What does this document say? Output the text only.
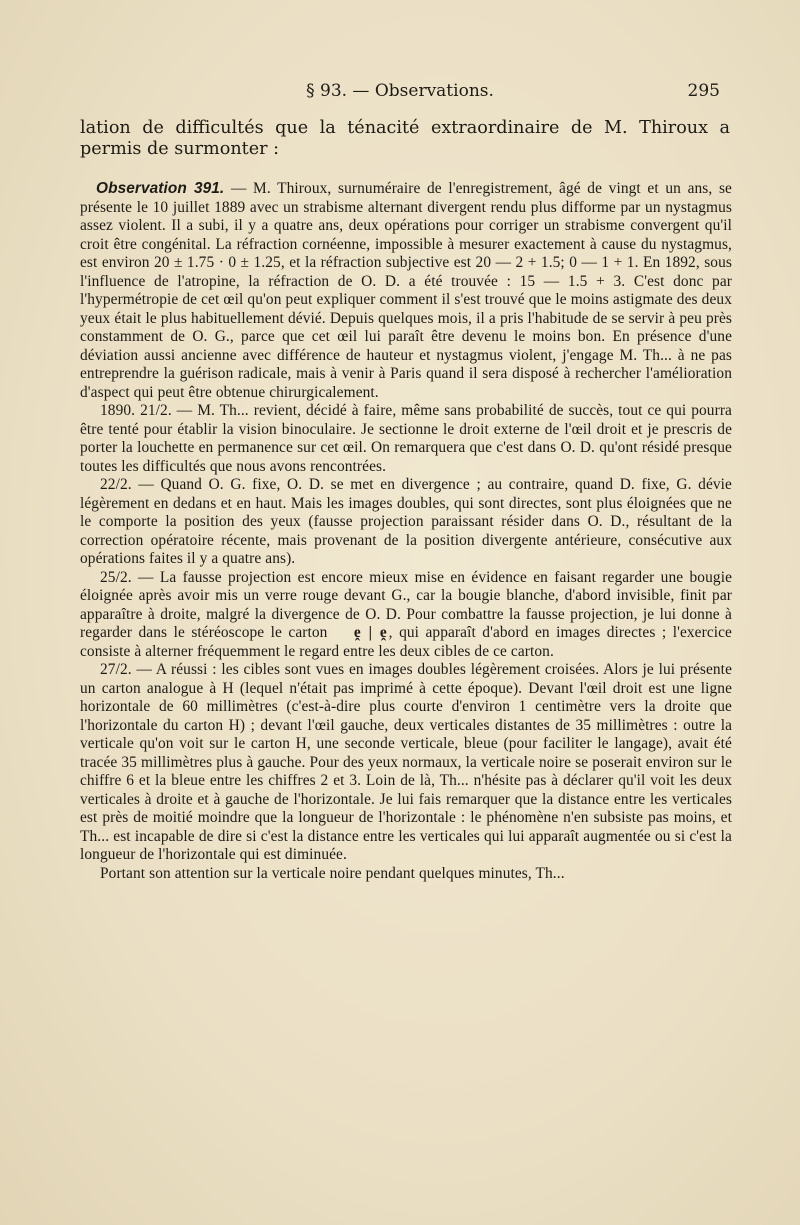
§ 93. — Observations.	295

lation de difficultés que la ténacité extraordinaire de M. Thiroux a permis de surmonter :

Observation 391. — M. Thiroux, surnuméraire de l'enregistrement, âgé de vingt et un ans, se présente le 10 juillet 1889 avec un strabisme alternant divergent rendu plus difforme par un nystagmus assez violent. Il a subi, il y a quatre ans, deux opérations pour corriger un strabisme convergent qu'il croit être congénital. La réfraction cornéenne, impossible à mesurer exactement à cause du nystagmus, est environ 20 ± 1.75 · 0 ± 1.25, et la réfraction subjective est 20 — 2 + 1.5; 0 — 1 + 1. En 1892, sous l'influence de l'atropine, la réfraction de O. D. a été trouvée : 15 — 1.5 + 3. C'est donc par l'hypermétropie de cet œil qu'on peut expliquer comment il s'est trouvé que le moins astigmate des deux yeux était le plus habituellement dévié. Depuis quelques mois, il a pris l'habitude de se servir à peu près constamment de O. G., parce que cet œil lui paraît être devenu le moins bon. En présence d'une déviation aussi ancienne avec différence de hauteur et nystagmus violent, j'engage M. Th... à ne pas entreprendre la guérison radicale, mais à venir à Paris quand il sera disposé à rechercher l'amélioration d'aspect qui peut être obtenue chirurgicalement.

1890. 21/2. — M. Th... revient, décidé à faire, même sans probabilité de succès, tout ce qui pourra être tenté pour établir la vision binoculaire. Je sectionne le droit externe de l'œil droit et je prescris de porter la louchette en permanence sur cet œil. On remarquera que c'est dans O. D. qu'ont résidé presque toutes les difficultés que nous avons rencontrées.

22/2. — Quand O. G. fixe, O. D. se met en divergence ; au contraire, quand D. fixe, G. dévie légèrement en dedans et en haut. Mais les images doubles, qui sont directes, sont plus éloignées que ne le comporte la position des yeux (fausse projection paraissant résider dans O. D., résultant de la correction opératoire récente, mais provenant de la position divergente antérieure, consécutive aux opérations faites il y a quatre ans).

25/2. — La fausse projection est encore mieux mise en évidence en faisant regarder une bougie éloignée après avoir mis un verre rouge devant G., car la bougie blanche, d'abord invisible, finit par apparaître à droite, malgré la divergence de O. D. Pour combattre la fausse projection, je lui donne à regarder dans le stéréoscope le carton ḙ | ḙ, qui apparaît d'abord en images directes ; l'exercice consiste à alterner fréquemment le regard entre les deux cibles de ce carton.

27/2. — A réussi : les cibles sont vues en images doubles légèrement croisées. Alors je lui présente un carton analogue à H (lequel n'était pas imprimé à cette époque). Devant l'œil droit est une ligne horizontale de 60 millimètres (c'est-à-dire plus courte d'environ 1 centimètre vers la droite que l'horizontale du carton H) ; devant l'œil gauche, deux verticales distantes de 35 millimètres : outre la verticale qu'on voit sur le carton H, une seconde verticale, bleue (pour faciliter le langage), avait été tracée 35 millimètres plus à gauche. Pour des yeux normaux, la verticale noire se poserait environ sur le chiffre 6 et la bleue entre les chiffres 2 et 3. Loin de là, Th... n'hésite pas à déclarer qu'il voit les deux verticales à droite et à gauche de l'horizontale. Je lui fais remarquer que la distance entre les verticales est près de moitié moindre que la longueur de l'horizontale : le phénomène n'en subsiste pas moins, et Th... est incapable de dire si c'est la distance entre les verticales qui lui apparaît augmentée ou si c'est la longueur de l'horizontale qui est diminuée.

Portant son attention sur la verticale noire pendant quelques minutes, Th...
